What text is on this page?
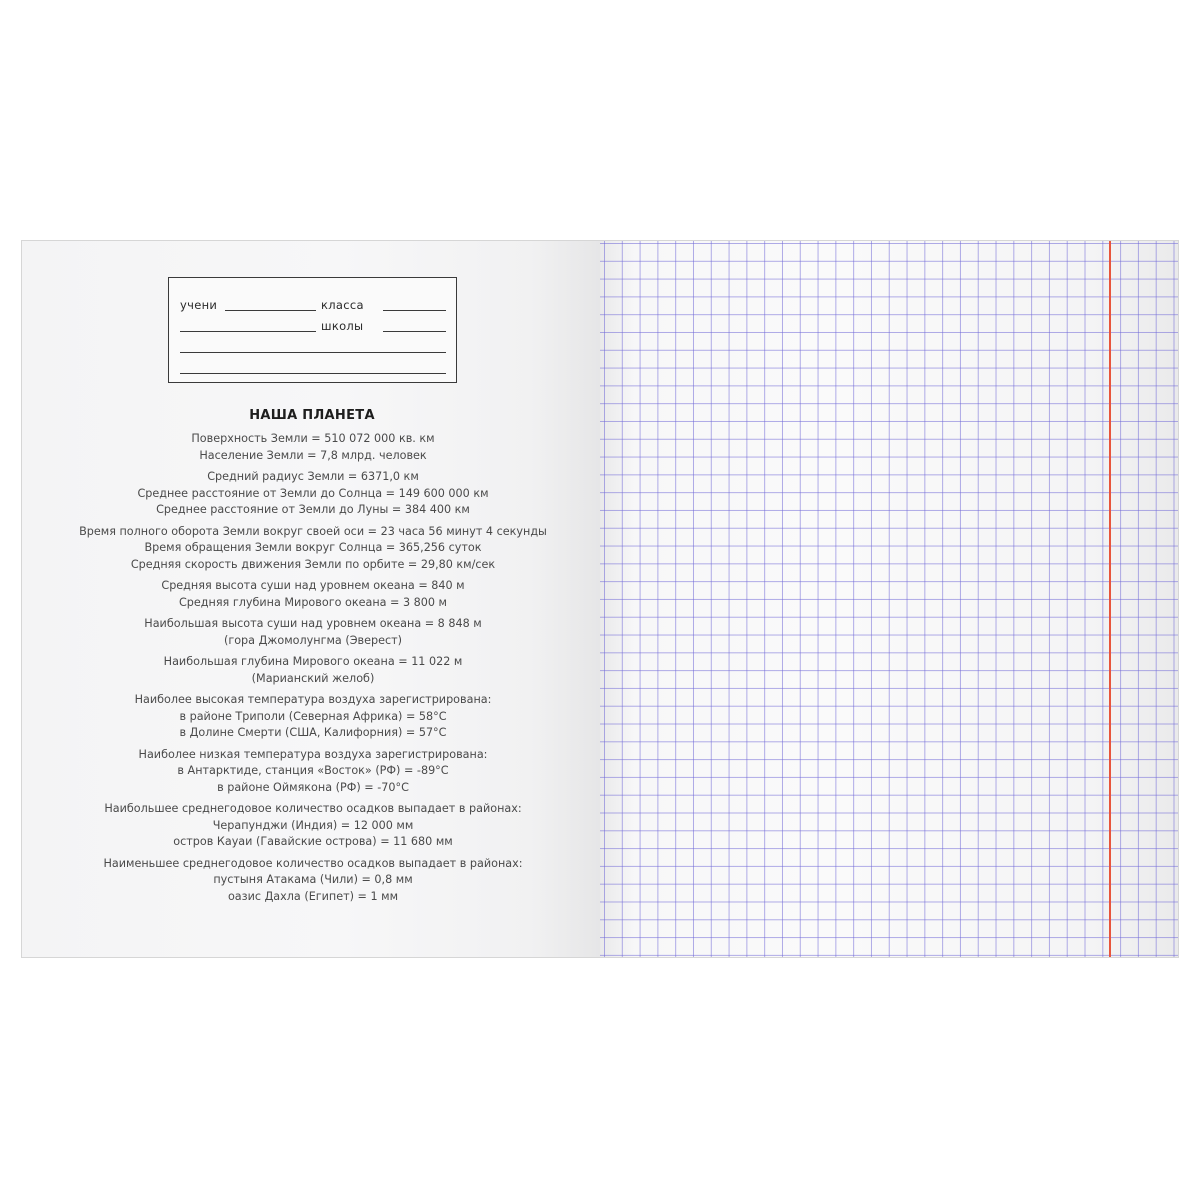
учени	класса
школы
НАША ПЛАНЕТА
Поверхность Земли = 510 072 000 кв. км
Население Земли = 7,8 млрд. человек
Средний радиус Земли = 6371,0 км
Среднее расстояние от Земли до Солнца = 149 600 000 км
Среднее расстояние от Земли до Луны = 384 400 км
Время полного оборота Земли вокруг своей оси = 23 часа 56 минут 4 секунды
Время обращения Земли вокруг Солнца = 365,256 суток
Средняя скорость движения Земли по орбите = 29,80 км/сек
Средняя высота суши над уровнем океана = 840 м
Средняя глубина Мирового океана = 3 800 м
Наибольшая высота суши над уровнем океана = 8 848 м
(гора Джомолунгма (Эверест)
Наибольшая глубина Мирового океана = 11 022 м
(Марианский желоб)
Наиболее высокая температура воздуха зарегистрирована:
в районе Триполи (Северная Африка) = 58°С
в Долине Смерти (США, Калифорния) = 57°С
Наиболее низкая температура воздуха зарегистрирована:
в Антарктиде, станция «Восток» (РФ) = -89°С
в районе Оймякона (РФ) = -70°С
Наибольшее среднегодовое количество осадков выпадает в районах:
Черапунджи (Индия) = 12 000 мм
остров Кауаи (Гавайские острова) = 11 680 мм
Наименьшее среднегодовое количество осадков выпадает в районах:
пустыня Атакама (Чили) = 0,8 мм
оазис Дахла (Египет) = 1 мм
